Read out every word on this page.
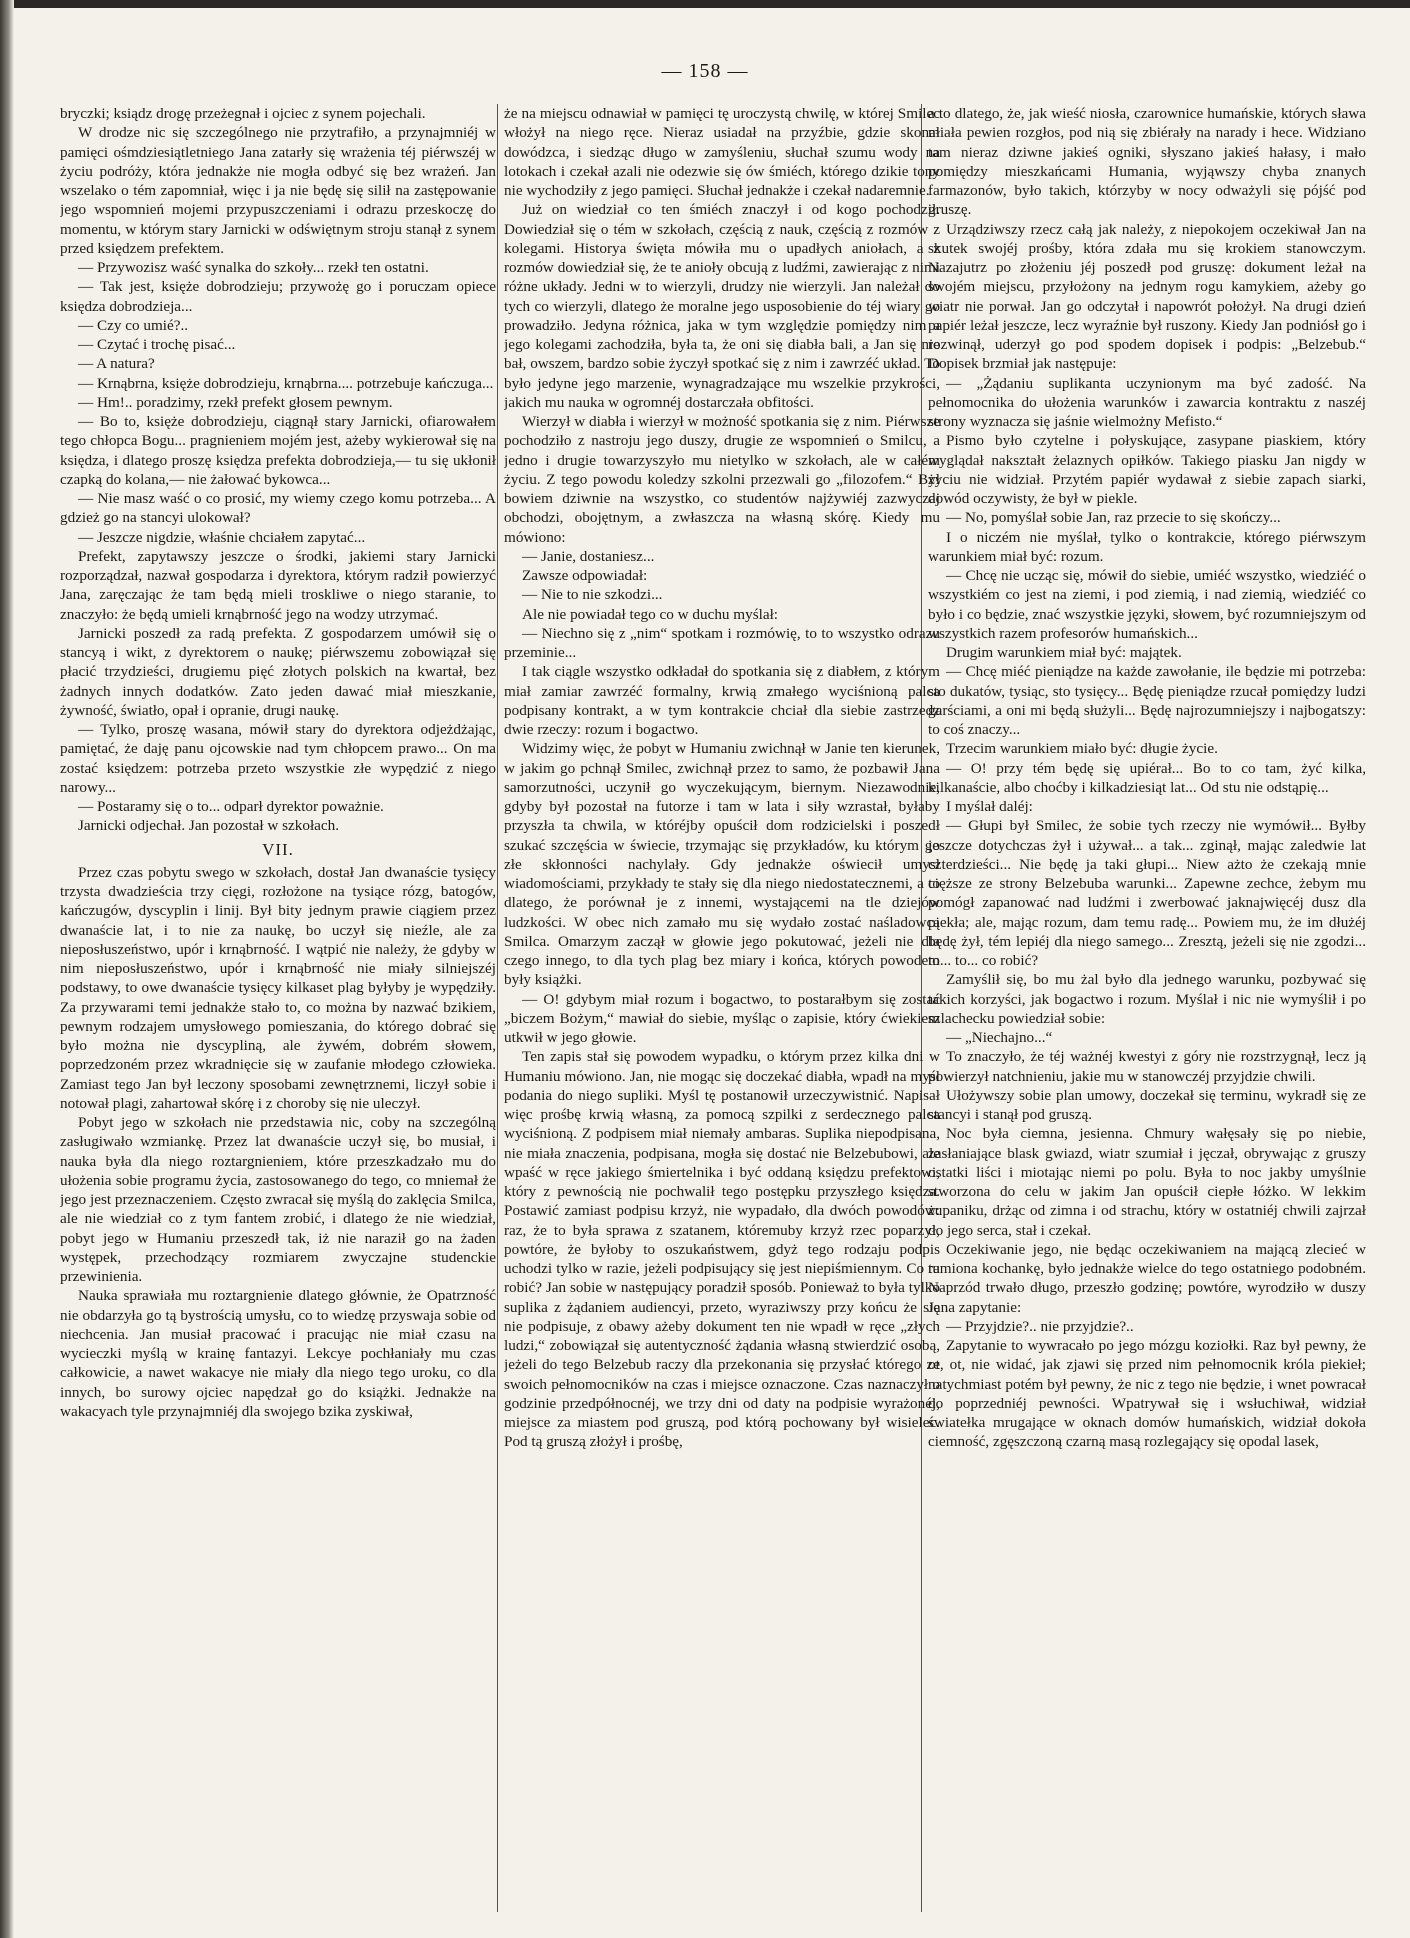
— 158 —

bryczki; ksiądz drogę przeżegnał i ojciec z synem pojechali.

W drodze nic się szczególnego nie przytrafiło, a przynajmniéj w pamięci ośmdziesiątletniego Jana zatarły się wrażenia téj piérwszéj w życiu podróży, która jednakże nie mogła odbyć się bez wrażeń. Jan wszelako o tém zapomniał, więc i ja nie będę się silił na zastępowanie jego wspomnień mojemi przypuszczeniami i odrazu przeskoczę do momentu, w którym stary Jarnicki w odświętnym stroju stanął z synem przed księdzem prefektem.

— Przywozisz waść synalka do szkoły... rzekł ten ostatni.

— Tak jest, księże dobrodzieju; przywożę go i poruczam opiece księdza dobrodzieja...

— Czy co umié?..

— Czytać i trochę pisać...

— A natura?

— Krnąbrna, księże dobrodzieju, krnąbrna.... potrzebuje kańczuga...

— Hm!.. poradzimy, rzekł prefekt głosem pewnym.

— Bo to, księże dobrodzieju, ciągnął stary Jarnicki, ofiarowałem tego chłopca Bogu... pragnieniem mojém jest, ażeby wykierował się na księdza, i dlatego proszę księdza prefekta dobrodzieja,— tu się ukłonił czapką do kolana,— nie żałować bykowca...

— Nie masz waść o co prosić, my wiemy czego komu potrzeba... A gdzież go na stancyi ulokował?

— Jeszcze nigdzie, właśnie chciałem zapytać...

Prefekt, zapytawszy jeszcze o środki, jakiemi stary Jarnicki rozporządzał, nazwał gospodarza i dyrektora, którym radził powierzyć Jana, zaręczając że tam będą mieli troskliwe o niego staranie, to znaczyło: że będą umieli krnąbrność jego na wodzy utrzymać.

Jarnicki poszedł za radą prefekta. Z gospodarzem umówił się o stancyą i wikt, z dyrektorem o naukę; piérwszemu zobowiązał się płacić trzydzieści, drugiemu pięć złotych polskich na kwartał, bez żadnych innych dodatków. Zato jeden dawać miał mieszkanie, żywność, światło, opał i opranie, drugi naukę.

— Tylko, proszę wasana, mówił stary do dyrektora odjeżdżając, pamiętać, że daję panu ojcowskie nad tym chłopcem prawo... On ma zostać księdzem: potrzeba przeto wszystkie złe wypędzić z niego narowy...

— Postaramy się o to... odparł dyrektor poważnie.

Jarnicki odjechał. Jan pozostał w szkołach.

VII.

Przez czas pobytu swego w szkołach, dostał Jan dwanaście tysięcy trzysta dwadzieścia trzy cięgi, rozłożone na tysiące rózg, batogów, kańczugów, dyscyplin i linij. Był bity jednym prawie ciągiem przez dwanaście lat, i to nie za naukę, bo uczył się nieźle, ale za nieposłuszeństwo, upór i krnąbrność. I wątpić nie należy, że gdyby w nim nieposłuszeństwo, upór i krnąbrność nie miały silniejszéj podstawy, to owe dwanaście tysięcy kilkaset plag byłyby je wypędziły. Za przywarami temi jednakże stało to, co można by nazwać bzikiem, pewnym rodzajem umysłowego pomieszania, do którego dobrać się było można nie dyscypliną, ale żywém, dobrém słowem, poprzedzoném przez wkradnięcie się w zaufanie młodego człowieka. Zamiast tego Jan był leczony sposobami zewnętrznemi, liczył sobie i notował plagi, zahartował skórę i z choroby się nie uleczył.

Pobyt jego w szkołach nie przedstawia nic, coby na szczególną zasługiwało wzmiankę. Przez lat dwanaście uczył się, bo musiał, i nauka była dla niego roztargnieniem, które przeszkadzało mu do ułożenia sobie programu życia, zastosowanego do tego, co mniemał że jego jest przeznaczeniem. Często zwracał się myślą do zaklęcia Smilca, ale nie wiedział co z tym fantem zrobić, i dlatego że nie wiedział, pobyt jego w Humaniu przeszedł tak, iż nie naraził go na żaden występek, przechodzący rozmiarem zwyczajne studenckie przewinienia.

Nauka sprawiała mu roztargnienie dlatego głównie, że Opatrzność nie obdarzyła go tą bystrością umysłu, co to wiedzę przyswaja sobie od niechcenia. Jan musiał pracować i pracując nie miał czasu na wycieczki myślą w krainę fantazyi. Lekcye pochłaniały mu czas całkowicie, a nawet wakacye nie miały dla niego tego uroku, co dla innych, bo surowy ojciec napędzał go do książki. Jednakże na wakacyach tyle przynajmniéj dla swojego bzika zyskiwał,

że na miejscu odnawiał w pamięci tę uroczystą chwilę, w której Smilec włożył na niego ręce. Nieraz usiadał na przyźbie, gdzie skonał dowódzca, i siedząc długo w zamyśleniu, słuchał szumu wody na lotokach i czekał azali nie odezwie się ów śmiéch, którego dzikie tony nie wychodziły z jego pamięci. Słuchał jednakże i czekał nadaremnie.

Już on wiedział co ten śmiéch znaczył i od kogo pochodził. Dowiedział się o tém w szkołach, częścią z nauk, częścią z rozmów z kolegami. Historya święta mówiła mu o upadłych aniołach, a z rozmów dowiedział się, że te anioły obcują z ludźmi, zawierając z nimi różne układy. Jedni w to wierzyli, drudzy nie wierzyli. Jan należał do tych co wierzyli, dlatego że moralne jego usposobienie do téj wiary go prowadziło. Jedyna różnica, jaka w tym względzie pomiędzy nim a jego kolegami zachodziła, była ta, że oni się diabła bali, a Jan się nie bał, owszem, bardzo sobie życzył spotkać się z nim i zawrzéć układ. To było jedyne jego marzenie, wynagradzające mu wszelkie przykrości, jakich mu nauka w ogromnéj dostarczała obfitości.

Wierzył w diabła i wierzył w możność spotkania się z nim. Piérwsze pochodziło z nastroju jego duszy, drugie ze wspomnień o Smilcu, a jedno i drugie towarzyszyło mu nietylko w szkołach, ale w całém życiu. Z tego powodu koledzy szkolni przezwali go „filozofem.“ Był bowiem dziwnie na wszystko, co studentów najżywiéj zazwyczaj obchodzi, obojętnym, a zwłaszcza na własną skórę. Kiedy mu mówiono:

— Janie, dostaniesz...

Zawsze odpowiadał:

— Nie to nie szkodzi...

Ale nie powiadał tego co w duchu myślał:

— Niechno się z „nim“ spotkam i rozmówię, to to wszystko odrazu przeminie...

I tak ciągle wszystko odkładał do spotkania się z diabłem, z którym miał zamiar zawrzéć formalny, krwią zmałego wyciśnioną palca podpisany kontrakt, a w tym kontrakcie chciał dla siebie zastrzedz dwie rzeczy: rozum i bogactwo.

Widzimy więc, że pobyt w Humaniu zwichnął w Janie ten kierunek, w jakim go pchnął Smilec, zwichnął przez to samo, że pozbawił Jana samorzutności, uczynił go wyczekującym, biernym. Niezawodnie, gdyby był pozostał na futorze i tam w lata i siły wzrastał, byłaby przyszła ta chwila, w któréjby opuścił dom rodzicielski i poszedł szukać szczęścia w świecie, trzymając się przykładów, ku którym go złe skłonności nachylały. Gdy jednakże oświecił umysł wiadomościami, przykłady te stały się dla niego niedostatecznemi, a to dlatego, że porównał je z innemi, wystającemi na tle dziejów ludzkości. W obec nich zamało mu się wydało zostać naśladowcą Smilca. Omarzym zaczął w głowie jego pokutować, jeżeli nie dla czego innego, to dla tych plag bez miary i końca, których powodem były książki.

— O! gdybym miał rozum i bogactwo, to postarałbym się zostać „biczem Bożym,“ mawiał do siebie, myśląc o zapisie, który ćwiekiem utkwił w jego głowie.

Ten zapis stał się powodem wypadku, o którym przez kilka dni w Humaniu mówiono. Jan, nie mogąc się doczekać diabła, wpadł na myśl podania do niego supliki. Myśl tę postanowił urzeczywistnić. Napisał więc prośbę krwią własną, za pomocą szpilki z serdecznego palca wyciśnioną. Z podpisem miał niemały ambaras. Suplika niepodpisana, nie miała znaczenia, podpisana, mogła się dostać nie Belzebubowi, ale wpaść w ręce jakiego śmiertelnika i być oddaną księdzu prefektowi, który z pewnością nie pochwalił tego postępku przyszłego księdza. Postawić zamiast podpisu krzyż, nie wypadało, dla dwóch powodów: raz, że to była sprawa z szatanem, któremuby krzyż rzec poparzył, powtóre, że byłoby to oszukaństwem, gdyż tego rodzaju podpis uchodzi tylko w razie, jeżeli podpisujący się jest niepiśmiennym. Co tu robić? Jan sobie w następujący poradził sposób. Ponieważ to była tylko suplika z żądaniem audiencyi, przeto, wyraziwszy przy końcu że się nie podpisuje, z obawy ażeby dokument ten nie wpadł w ręce „złych ludzi,“ zobowiązał się autentyczność żądania własną stwierdzić osobą, jeżeli do tego Belzebub raczy dla przekonania się przysłać którego ze swoich pełnomocników na czas i miejsce oznaczone. Czas naznaczył o godzinie przedpółnocnéj, we trzy dni od daty na podpisie wyrażonéj, miejsce za miastem pod gruszą, pod którą pochowany był wisielec. Pod tą gruszą złożył i prośbę,

a to dlatego, że, jak wieść niosła, czarownice humańskie, których sława miała pewien rozgłos, pod nią się zbiérały na narady i hece. Widziano tam nieraz dziwne jakieś ogniki, słyszano jakieś hałasy, i mało pomiędzy mieszkańcami Humania, wyjąwszy chyba znanych farmazonów, było takich, którzyby w nocy odważyli się pójść pod gruszę.

Urządziwszy rzecz całą jak należy, z niepokojem oczekiwał Jan na skutek swojéj prośby, która zdała mu się krokiem stanowczym. Nazajutrz po złożeniu jéj poszedł pod gruszę: dokument leżał na swojém miejscu, przyłożony na jednym rogu kamykiem, ażeby go wiatr nie porwał. Jan go odczytał i napowrót położył. Na drugi dzień papiér leżał jeszcze, lecz wyraźnie był ruszony. Kiedy Jan podniósł go i rozwinął, uderzył go pod spodem dopisek i podpis: „Belzebub.“ Dopisek brzmiał jak następuje:

— „Żądaniu suplikanta uczynionym ma być zadość. Na pełnomocnika do ułożenia warunków i zawarcia kontraktu z naszéj strony wyznacza się jaśnie wielmożny Mefisto.“

Pismo było czytelne i połyskujące, zasypane piaskiem, który wyglądał nakształt żelaznych opiłków. Takiego piasku Jan nigdy w życiu nie widział. Przytém papiér wydawał z siebie zapach siarki, dowód oczywisty, że był w piekle.

— No, pomyślał sobie Jan, raz przecie to się skończy...

I o niczém nie myślał, tylko o kontrakcie, którego piérwszym warunkiem miał być: rozum.

— Chcę nie ucząc się, mówił do siebie, umiéć wszystko, wiedziéć o wszystkiém co jest na ziemi, i pod ziemią, i nad ziemią, wiedziéć co było i co będzie, znać wszystkie języki, słowem, być rozumniejszym od wszystkich razem profesorów humańskich...

Drugim warunkiem miał być: majątek.

— Chcę miéć pieniądze na każde zawołanie, ile będzie mi potrzeba: sto dukatów, tysiąc, sto tysięcy... Będę pieniądze rzucał pomiędzy ludzi garściami, a oni mi będą służyli... Będę najrozumniejszy i najbogatszy: to coś znaczy...

Trzecim warunkiem miało być: długie życie.

— O! przy tém będę się upiérał... Bo to co tam, żyć kilka, kilkanaście, albo choćby i kilkadziesiąt lat... Od stu nie odstąpię...

I myślał daléj:

— Głupi był Smilec, że sobie tych rzeczy nie wymówił... Byłby jeszcze dotychczas żył i używał... a tak... zginął, mając zaledwie lat czterdzieści... Nie będę ja taki głupi... Niew ażto że czekają mnie cięższe ze strony Belzebuba warunki... Zapewne zechce, żebym mu pomógł zapanować nad ludźmi i zwerbować jaknajwięcéj dusz dla piekła; ale, mając rozum, dam temu radę... Powiem mu, że im dłużéj będę żył, tém lepiéj dla niego samego... Zresztą, jeżeli się nie zgodzi... to... to... co robić?

Zamyślił się, bo mu żal było dla jednego warunku, pozbywać się takich korzyści, jak bogactwo i rozum. Myślał i nic nie wymyślił i po szlachecku powiedział sobie:

— „Niechajno...“

To znaczyło, że téj ważnéj kwestyi z góry nie rozstrzygnął, lecz ją powierzył natchnieniu, jakie mu w stanowczéj przyjdzie chwili.

Ułożywszy sobie plan umowy, doczekał się terminu, wykradł się ze stancyi i stanął pod gruszą.

Noc była ciemna, jesienna. Chmury wałęsały się po niebie, zasłaniające blask gwiazd, wiatr szumiał i jęczał, obrywając z gruszy ostatki liści i miotając niemi po polu. Była to noc jakby umyślnie stworzona do celu w jakim Jan opuścił ciepłe łóżko. W lekkim żupaniku, drżąc od zimna i od strachu, który w ostatniéj chwili zajrzał do jego serca, stał i czekał.

Oczekiwanie jego, nie będąc oczekiwaniem na mającą zlecieć w ramiona kochankę, było jednakże wielce do tego ostatniego podobném. Naprzód trwało długo, przeszło godzinę; powtóre, wyrodziło w duszy Jana zapytanie:

— Przyjdzie?.. nie przyjdzie?..

Zapytanie to wywracało po jego mózgu koziołki. Raz był pewny, że ot, ot, nie widać, jak zjawi się przed nim pełnomocnik króla piekieł; natychmiast potém był pewny, że nic z tego nie będzie, i wnet powracał do poprzedniéj pewności. Wpatrywał się i wsłuchiwał, widział światełka mrugające w oknach domów humańskich, widział dokoła ciemność, zgęszczoną czarną masą rozlegający się opodal lasek,
